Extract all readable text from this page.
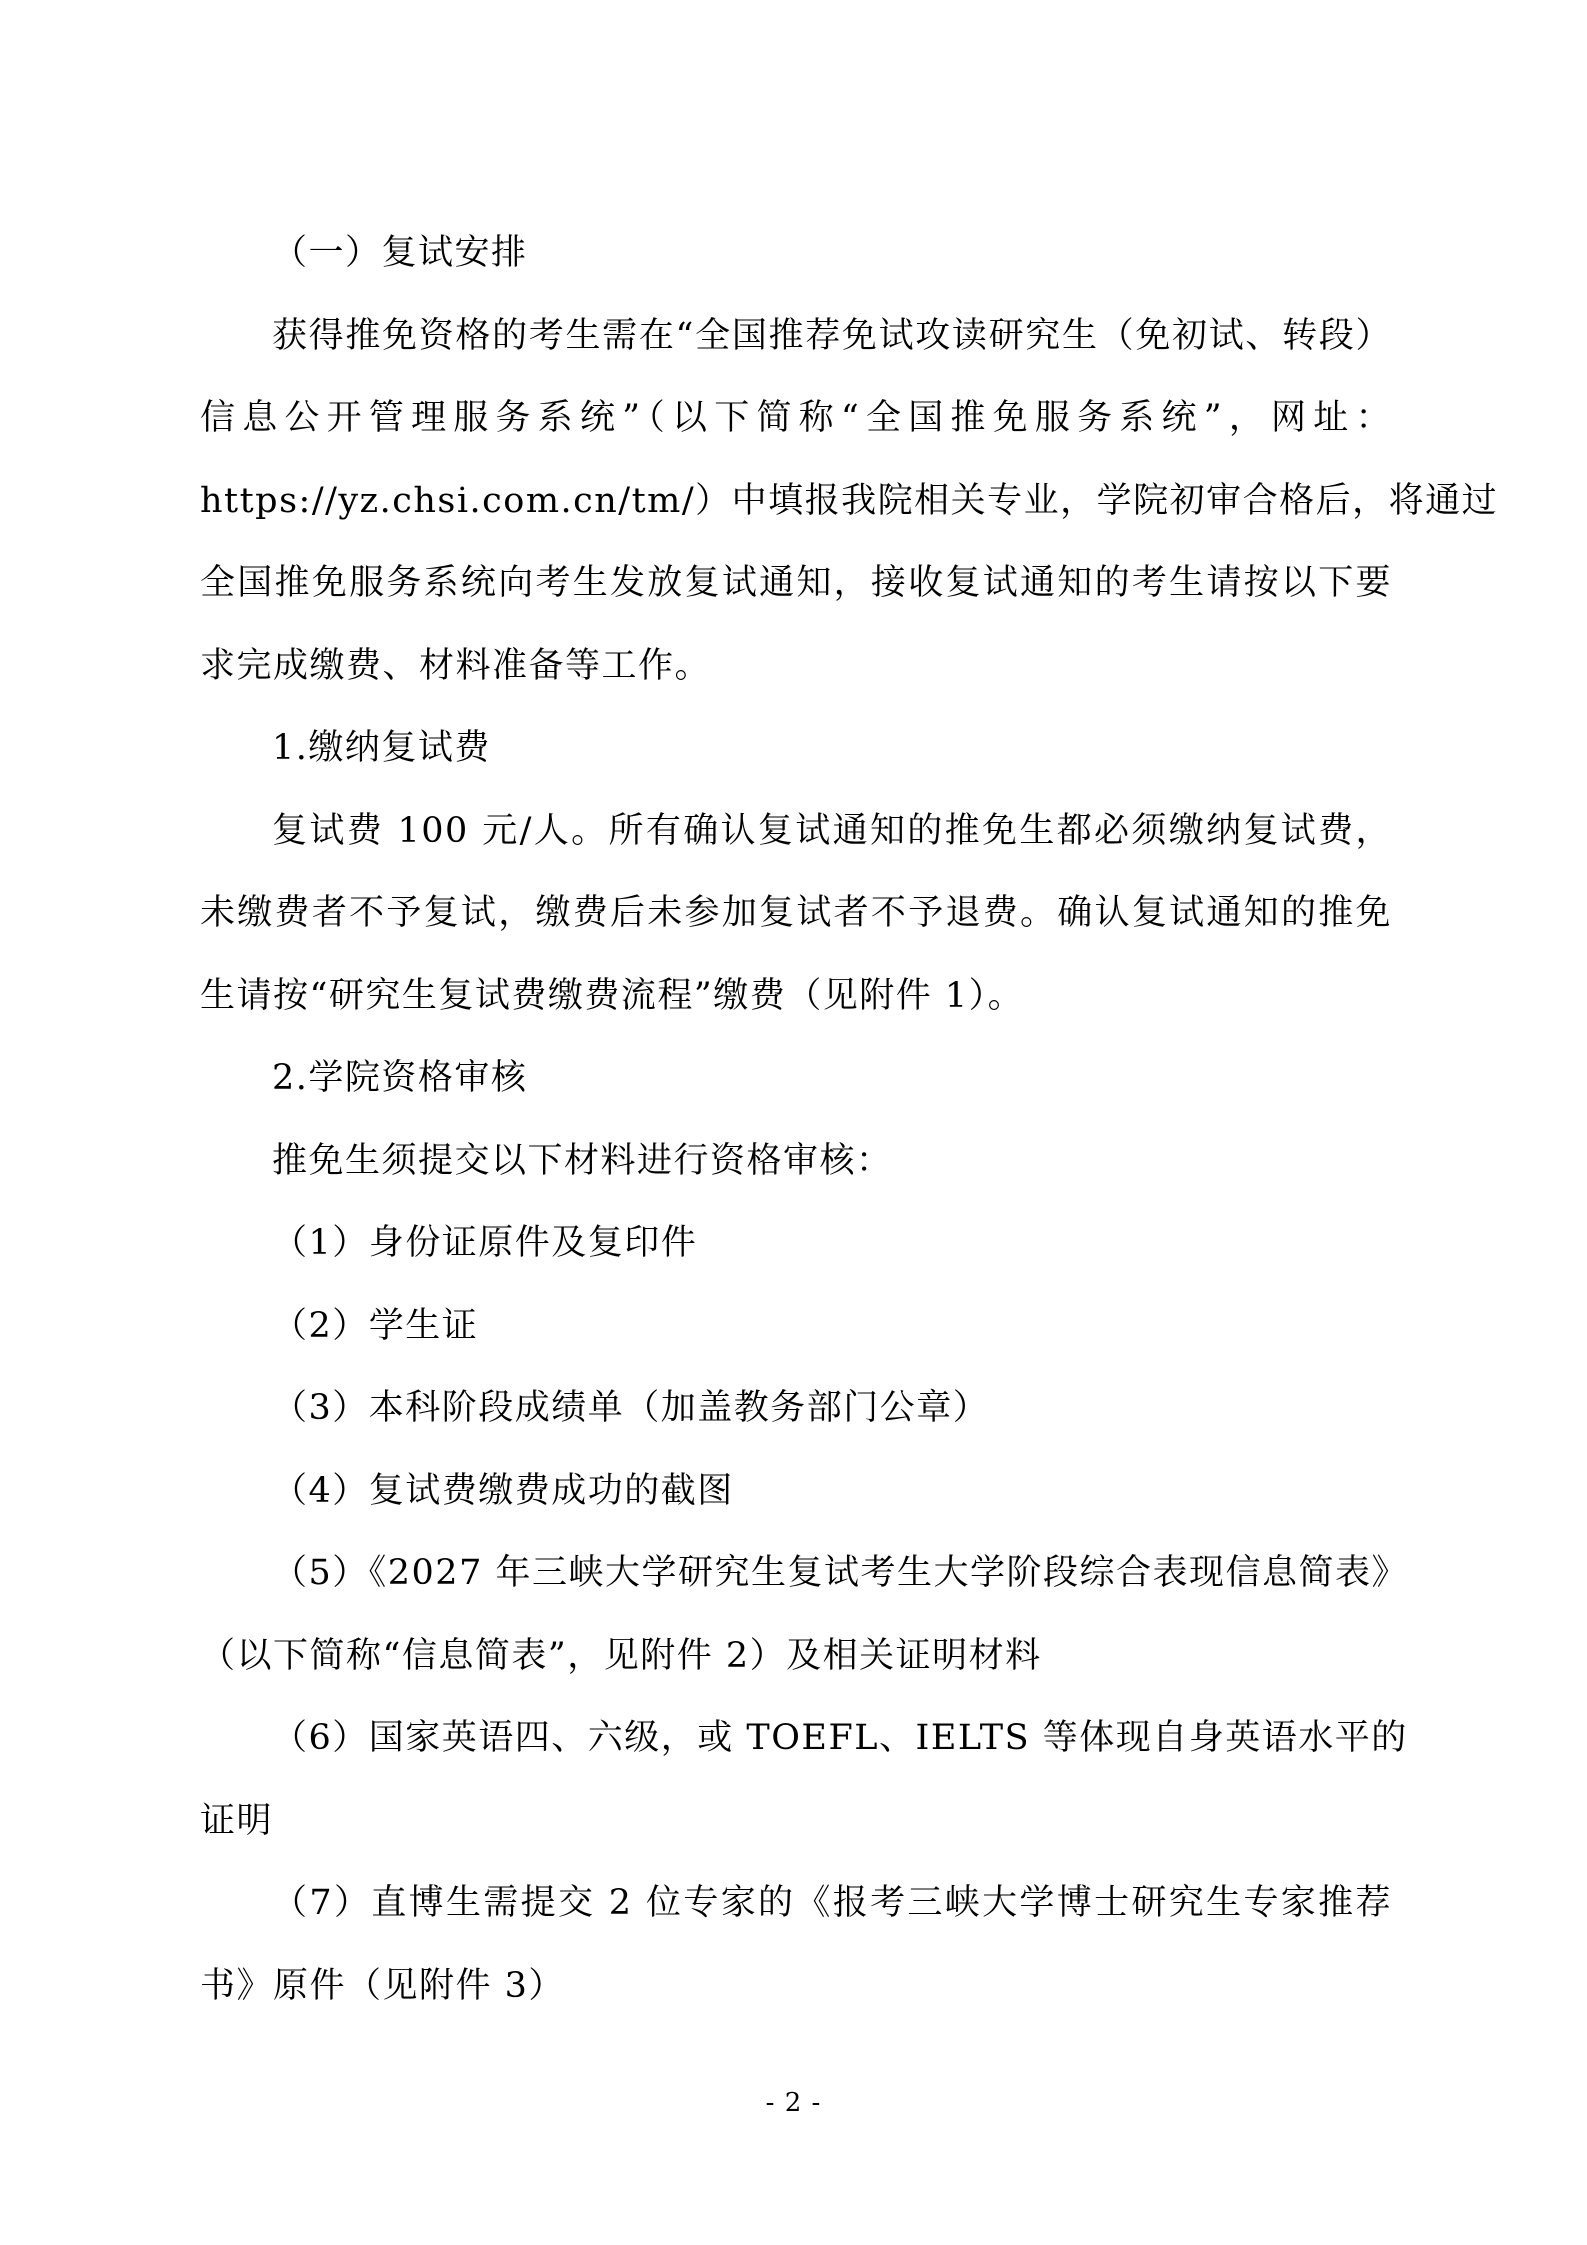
（一）复试安排

获得推免资格的考生需在“全国推荐免试攻读研究生（免初试、转段）
信息公开管理服务系统”（以下简称“全国推免服务系统”，网址：
https://yz.chsi.com.cn/tm/）中填报我院相关专业，学院初审合格后，将通过
全国推免服务系统向考生发放复试通知，接收复试通知的考生请按以下要
求完成缴费、材料准备等工作。

1.缴纳复试费

复试费 100 元/人。所有确认复试通知的推免生都必须缴纳复试费，
未缴费者不予复试，缴费后未参加复试者不予退费。确认复试通知的推免
生请按“研究生复试费缴费流程”缴费（见附件 1）。

2.学院资格审核

推免生须提交以下材料进行资格审核：

（1）身份证原件及复印件

（2）学生证

（3）本科阶段成绩单（加盖教务部门公章）

（4）复试费缴费成功的截图

（5）《2027 年三峡大学研究生复试考生大学阶段综合表现信息简表》
（以下简称“信息简表”，见附件 2）及相关证明材料

（6）国家英语四、六级，或 TOEFL、IELTS 等体现自身英语水平的
证明

（7）直博生需提交 2 位专家的《报考三峡大学博士研究生专家推荐
书》原件（见附件 3）

- 2 -
